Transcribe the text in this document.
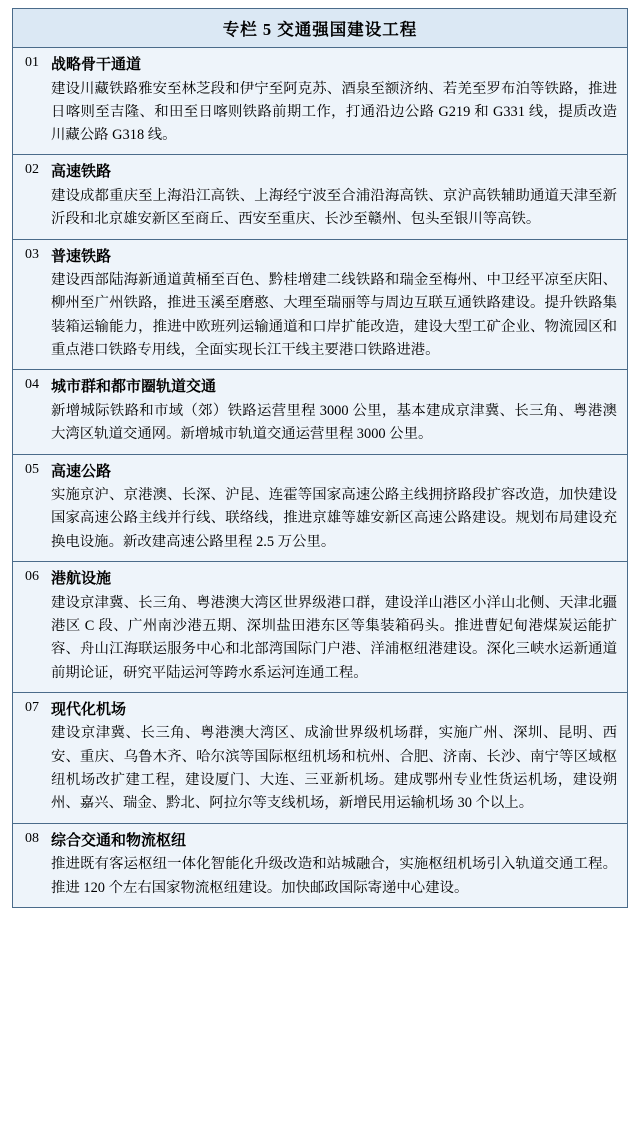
专栏 5 交通强国建设工程
01 战略骨干通道
建设川藏铁路雅安至林芝段和伊宁至阿克苏、酒泉至额济纳、若羌至罗布泊等铁路，推进日喀则至吉隆、和田至日喀则铁路前期工作，打通沿边公路 G219 和 G331 线，提质改造川藏公路 G318 线。
02 高速铁路
建设成都重庆至上海沿江高铁、上海经宁波至合浦沿海高铁、京沪高铁辅助通道天津至新沂段和北京雄安新区至商丘、西安至重庆、长沙至赣州、包头至银川等高铁。
03 普速铁路
建设西部陆海新通道黄桶至百色、黔桂增建二线铁路和瑞金至梅州、中卫经平凉至庆阳、柳州至广州铁路，推进玉溪至磨憨、大理至瑞丽等与周边互联互通铁路建设。提升铁路集装箱运输能力，推进中欧班列运输通道和口岸扩能改造，建设大型工矿企业、物流园区和重点港口铁路专用线，全面实现长江干线主要港口铁路进港。
04 城市群和都市圈轨道交通
新增城际铁路和市域（郊）铁路运营里程 3000 公里，基本建成京津冀、长三角、粤港澳大湾区轨道交通网。新增城市轨道交通运营里程 3000 公里。
05 高速公路
实施京沪、京港澳、长深、沪昆、连霍等国家高速公路主线拥挤路段扩容改造，加快建设国家高速公路主线并行线、联络线，推进京雄等雄安新区高速公路建设。规划布局建设充换电设施。新改建高速公路里程 2.5 万公里。
06 港航设施
建设京津冀、长三角、粤港澳大湾区世界级港口群，建设洋山港区小洋山北侧、天津北疆港区 C 段、广州南沙港五期、深圳盐田港东区等集装箱码头。推进曹妃甸港煤炭运能扩容、舟山江海联运服务中心和北部湾国际门户港、洋浦枢纽港建设。深化三峡水运新通道前期论证，研究平陆运河等跨水系运河连通工程。
07 现代化机场
建设京津冀、长三角、粤港澳大湾区、成渝世界级机场群，实施广州、深圳、昆明、西安、重庆、乌鲁木齐、哈尔滨等国际枢纽机场和杭州、合肥、济南、长沙、南宁等区域枢纽机场改扩建工程，建设厦门、大连、三亚新机场。建成鄂州专业性货运机场，建设朔州、嘉兴、瑞金、黔北、阿拉尔等支线机场，新增民用运输机场 30 个以上。
08 综合交通和物流枢纽
推进既有客运枢纽一体化智能化升级改造和站城融合，实施枢纽机场引入轨道交通工程。推进 120 个左右国家物流枢纽建设。加快邮政国际寄递中心建设。
